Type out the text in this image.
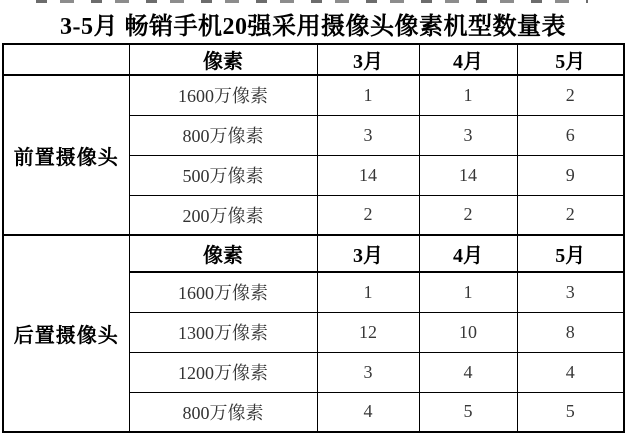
3-5月 畅销手机20强采用摄像头像素机型数量表
	像素	3月	4月	5月
前置摄像头	1600万像素	1	1	2
	800万像素	3	3	6
	500万像素	14	14	9
	200万像素	2	2	2
后置摄像头	像素	3月	4月	5月
	1600万像素	1	1	3
	1300万像素	12	10	8
	1200万像素	3	4	4
	800万像素	4	5	5
